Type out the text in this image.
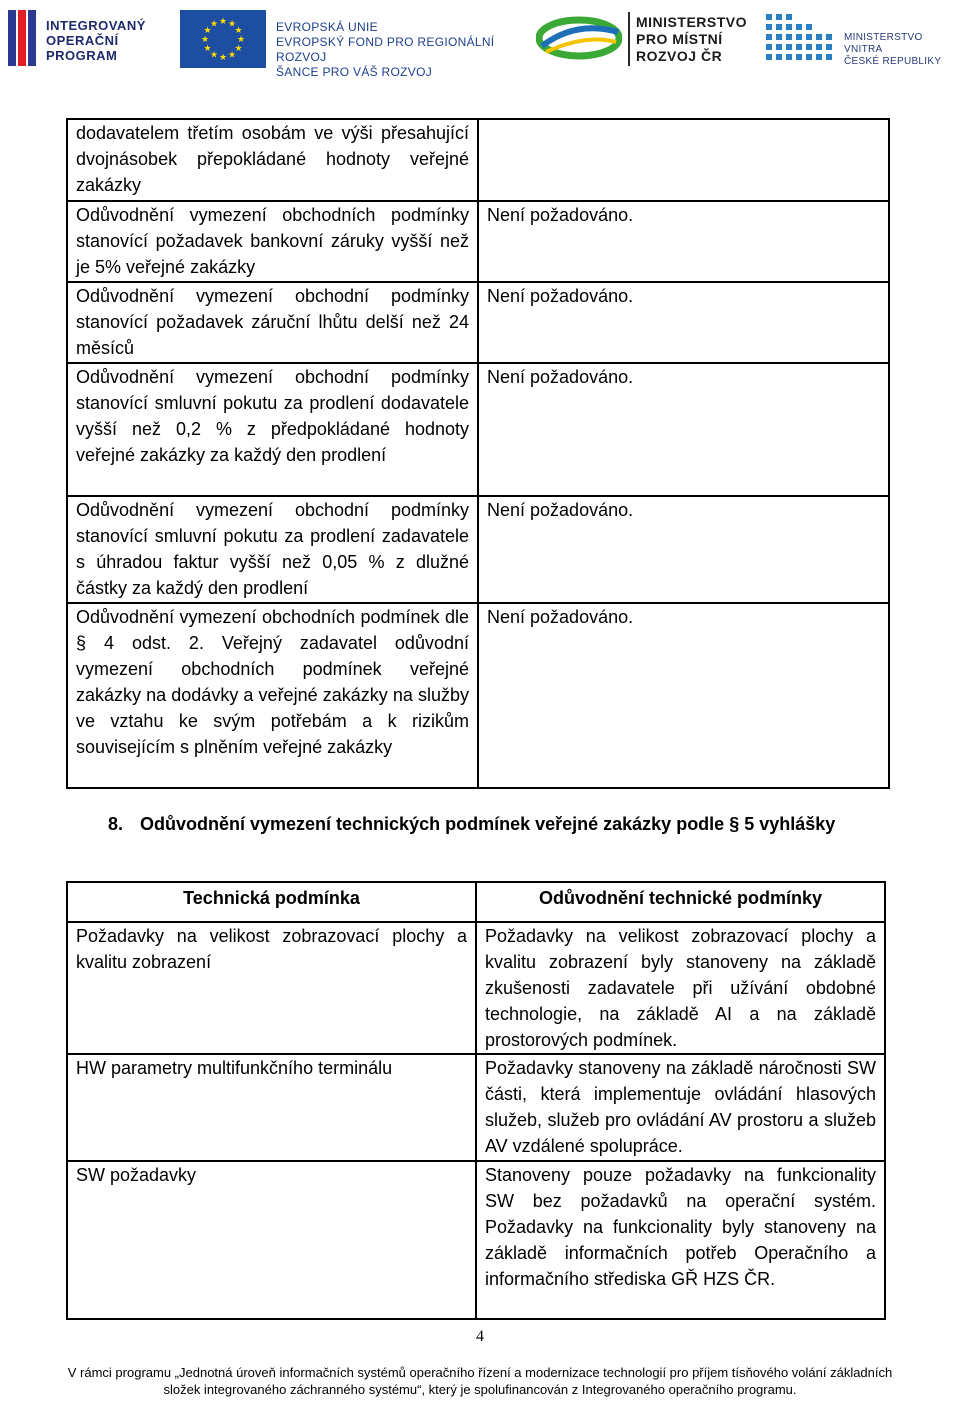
INTEGROVANÝ
OPERAČNÍ
PROGRAM
★ ★
★
★
★
★
★
★
★
★
★
★	EVROPSKÁ UNIE
EVROPSKÝ FOND PRO REGIONÁLNÍ ROZVOJ
ŠANCE PRO VÁŠ ROZVOJ
MINISTERSTVO
PRO MÍSTNÍ
ROZVOJ ČR
MINISTERSTVO VNITRA
ČESKÉ REPUBLIKY
dodavatelem třetím osobám ve výši přesahující dvojnásobek přepokládané hodnoty veřejné zakázky	
Odůvodnění vymezení obchodních podmínky stanovící požadavek bankovní záruky vyšší než je 5% veřejné zakázky	Není požadováno.
Odůvodnění vymezení obchodní podmínky stanovící požadavek záruční lhůtu delší než 24 měsíců	Není požadováno.
Odůvodnění vymezení obchodní podmínky stanovící smluvní pokutu za prodlení dodavatele vyšší než 0,2 % z předpokládané hodnoty veřejné zakázky za každý den prodlení	Není požadováno.
Odůvodnění vymezení obchodní podmínky stanovící smluvní pokutu za prodlení zadavatele s úhradou faktur vyšší než 0,05 % z dlužné částky za každý den prodlení	Není požadováno.
Odůvodnění vymezení obchodních podmínek dle § 4 odst. 2. Veřejný zadavatel odůvodní vymezení obchodních podmínek veřejné zakázky na dodávky a veřejné zakázky na služby ve vztahu ke svým potřebám a k rizikům souvisejícím s plněním veřejné zakázky	Není požadováno.
8. Odůvodnění vymezení technických podmínek veřejné zakázky podle § 5 vyhlášky
Technická podmínka	Odůvodnění technické podmínky
Požadavky na velikost zobrazovací plochy a kvalitu zobrazení	Požadavky na velikost zobrazovací plochy a kvalitu zobrazení byly stanoveny na základě zkušenosti zadavatele při užívání obdobné technologie, na základě AI a na základě prostorových podmínek.
HW parametry multifunkčního terminálu	Požadavky stanoveny na základě náročnosti SW části, která implementuje ovládání hlasových služeb, služeb pro ovládání AV prostoru a služeb AV vzdálené spolupráce.
SW požadavky	Stanoveny pouze požadavky na funkcionality SW bez požadavků na operační systém. Požadavky na funkcionality byly stanoveny na základě informačních potřeb Operačního a informačního střediska GŘ HZS ČR.
4
V rámci programu „Jednotná úroveň informačních systémů operačního řízení a modernizace technologií pro příjem tísňového volání základních složek integrovaného záchranného systému“, který je spolufinancován z Integrovaného operačního programu.
